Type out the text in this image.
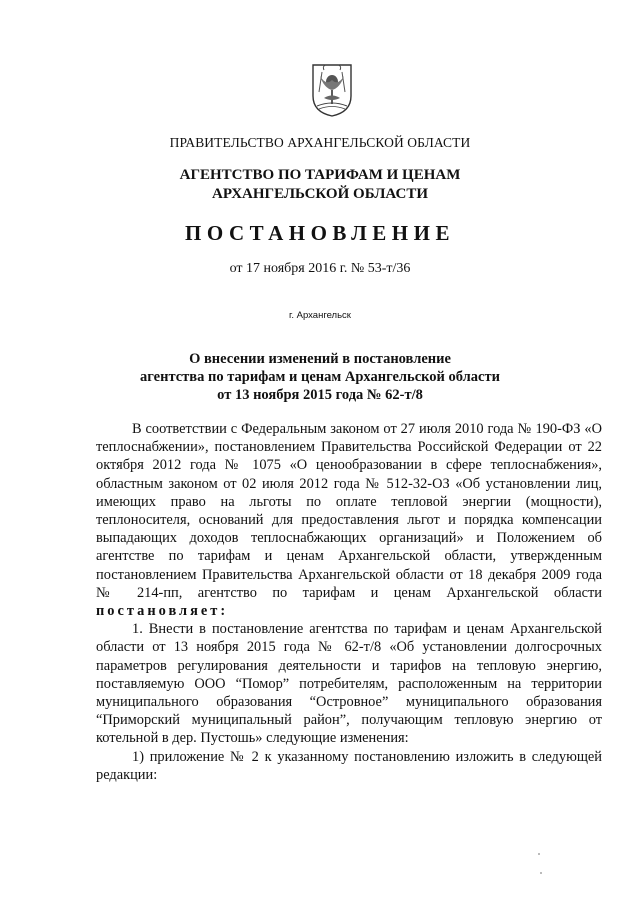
ПРАВИТЕЛЬСТВО АРХАНГЕЛЬСКОЙ ОБЛАСТИ
АГЕНТСТВО ПО ТАРИФАМ И ЦЕНАМ
АРХАНГЕЛЬСКОЙ ОБЛАСТИ
ПОСТАНОВЛЕНИЕ
от 17 ноября 2016 г. № 53-т/36
г. Архангельск
О внесении изменений в постановление
агентства по тарифам и ценам Архангельской области
от 13 ноября 2015 года № 62-т/8

В соответствии с Федеральным законом от 27 июля 2010 года № 190-ФЗ «О теплоснабжении», постановлением Правительства Российской Федерации от 22 октября 2012 года № 1075 «О ценообразовании в сфере теплоснабжения», областным законом от 02 июля 2012 года № 512-32-ОЗ «Об установлении лиц, имеющих право на льготы по оплате тепловой энергии (мощности), теплоносителя, оснований для предоставления льгот и порядка компенсации выпадающих доходов теплоснабжающих организаций» и Положением об агентстве по тарифам и ценам Архангельской области, утвержденным постановлением Правительства Архангельской области от 18 декабря 2009 года № 214-пп, агентство по тарифам и ценам Архангельской области постановляет:

1. Внести в постановление агентства по тарифам и ценам Архангельской области от 13 ноября 2015 года № 62-т/8 «Об установлении долгосрочных параметров регулирования деятельности и тарифов на тепловую энергию, поставляемую ООО “Помор” потребителям, расположенным на территории муниципального образования “Островное” муниципального образования “Приморский муниципальный район”, получающим тепловую энергию от котельной в дер. Пустошь» следующие изменения:

1) приложение № 2 к указанному постановлению изложить в следующей редакции:
